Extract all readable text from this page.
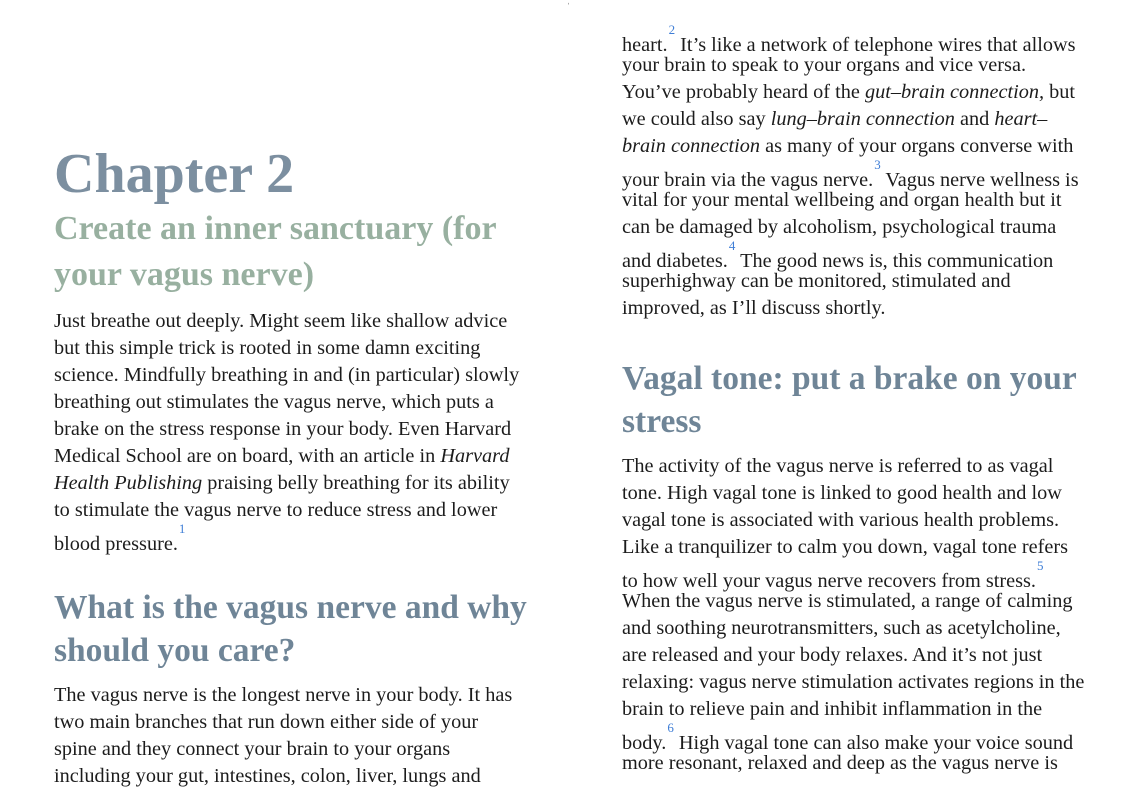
Chapter 2
Create an inner sanctuary (for
your vagus nerve)
Just breathe out deeply. Might seem like shallow advice
but this simple trick is rooted in some damn exciting
science. Mindfully breathing in and (in particular) slowly
breathing out stimulates the vagus nerve, which puts a
brake on the stress response in your body. Even Harvard
Medical School are on board, with an article in Harvard
Health Publishing praising belly breathing for its ability
to stimulate the vagus nerve to reduce stress and lower
blood pressure.$^1$
What is the vagus nerve and why
should you care?
The vagus nerve is the longest nerve in your body. It has
two main branches that run down either side of your
spine and they connect your brain to your organs
including your gut, intestines, colon, liver, lungs and
heart.$^2$ It’s like a network of telephone wires that allows
your brain to speak to your organs and vice versa.
You’ve probably heard of the gut–brain connection, but
we could also say lung–brain connection and heart–
brain connection as many of your organs converse with
your brain via the vagus nerve.$^3$ Vagus nerve wellness is
vital for your mental wellbeing and organ health but it
can be damaged by alcoholism, psychological trauma
and diabetes.$^4$ The good news is, this communication
superhighway can be monitored, stimulated and
improved, as I’ll discuss shortly.
Vagal tone: put a brake on your
stress
The activity of the vagus nerve is referred to as vagal
tone. High vagal tone is linked to good health and low
vagal tone is associated with various health problems.
Like a tranquilizer to calm you down, vagal tone refers
to how well your vagus nerve recovers from stress.$^5$
When the vagus nerve is stimulated, a range of calming
and soothing neurotransmitters, such as acetylcholine,
are released and your body relaxes. And it’s not just
relaxing: vagus nerve stimulation activates regions in the
brain to relieve pain and inhibit inflammation in the
body.$^6$ High vagal tone can also make your voice sound
more resonant, relaxed and deep as the vagus nerve is
